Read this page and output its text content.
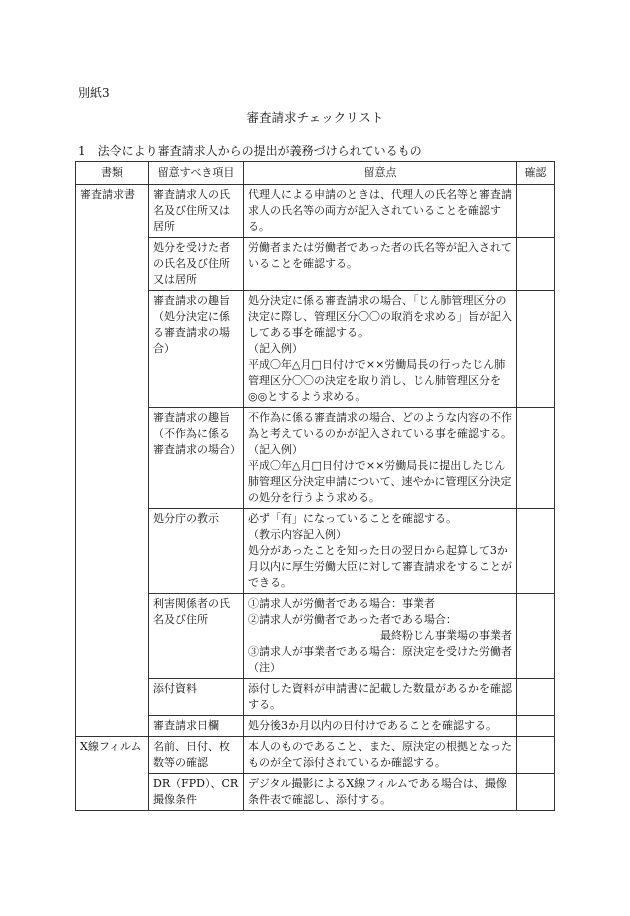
別紙3
審査請求チェックリスト
1　法令により審査請求人からの提出が義務づけられているもの
書類	留意すべき項目	留意点	確認
審査請求書	審査請求人の氏名及び住所又は居所	代理人による申請のときは、代理人の氏名等と審査請求人の氏名等の両方が記入されていることを確認する。	

	処分を受けた者の氏名及び住所又は居所	労働者または労働者であった者の氏名等が記入されていることを確認する。	

	審査請求の趣旨（処分決定に係る審査請求の場合）	処分決定に係る審査請求の場合、「じん肺管理区分の決定に際し、管理区分〇〇の取消を求める」旨が記入してある事を確認する。
（記入例）
平成〇年△月□日付けで××労働局長の行ったじん肺管理区分〇〇の決定を取り消し、じん肺管理区分を◎◎とするよう求める。	

	審査請求の趣旨（不作為に係る審査請求の場合）	不作為に係る審査請求の場合、どのような内容の不作為と考えているのかが記入されている事を確認する。
（記入例）
平成〇年△月□日付けで××労働局長に提出したじん肺管理区分決定申請について、速やかに管理区分決定の処分を行うよう求める。	

	処分庁の教示	必ず「有」になっていることを確認する。
（教示内容記入例）
処分があったことを知った日の翌日から起算して3か月以内に厚生労働大臣に対して審査請求をすることができる。	

	利害関係者の氏名及び住所	①請求人が労働者である場合：事業者
②請求人が労働者であった者である場合：
最終粉じん事業場の事業者
③請求人が事業者である場合：原決定を受けた労働者（注）	

	添付資料	添付した資料が申請書に記載した数量があるかを確認する。	

	審査請求日欄	処分後3か月以内の日付けであることを確認する。	

X線フィルム	名前、日付、枚数等の確認	本人のものであること、また、原決定の根拠となったものが全て添付されているか確認する。	

	DR（FPD）、CR撮像条件	デジタル撮影によるX線フィルムである場合は、撮像条件表で確認し、添付する。	
